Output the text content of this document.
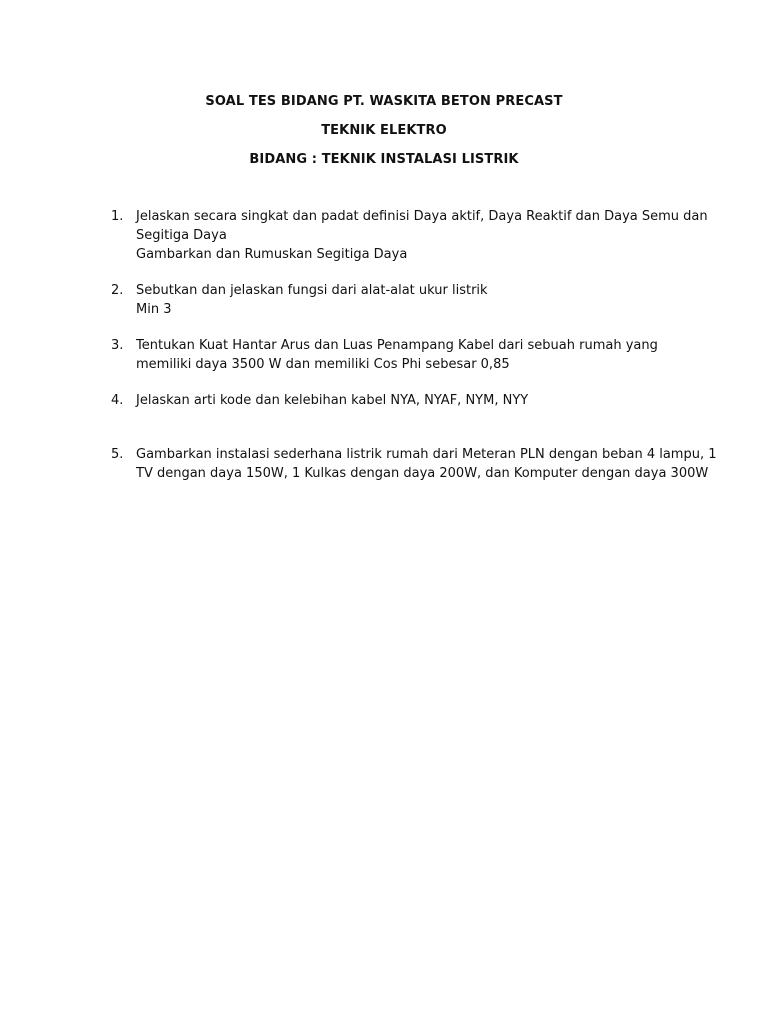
SOAL TES BIDANG PT. WASKITA BETON PRECAST
TEKNIK ELEKTRO
BIDANG : TEKNIK INSTALASI LISTRIK
1. Jelaskan secara singkat dan padat definisi Daya aktif, Daya Reaktif dan Daya Semu dan
Segitiga Daya
Gambarkan dan Rumuskan Segitiga Daya
2. Sebutkan dan jelaskan fungsi dari alat-alat ukur listrik
Min 3
3. Tentukan Kuat Hantar Arus dan Luas Penampang Kabel dari sebuah rumah yang
memiliki daya 3500 W dan memiliki Cos Phi sebesar 0,85
4. Jelaskan arti kode dan kelebihan kabel NYA, NYAF, NYM, NYY
5. Gambarkan instalasi sederhana listrik rumah dari Meteran PLN dengan beban 4 lampu, 1
TV dengan daya 150W, 1 Kulkas dengan daya 200W, dan Komputer dengan daya 300W
